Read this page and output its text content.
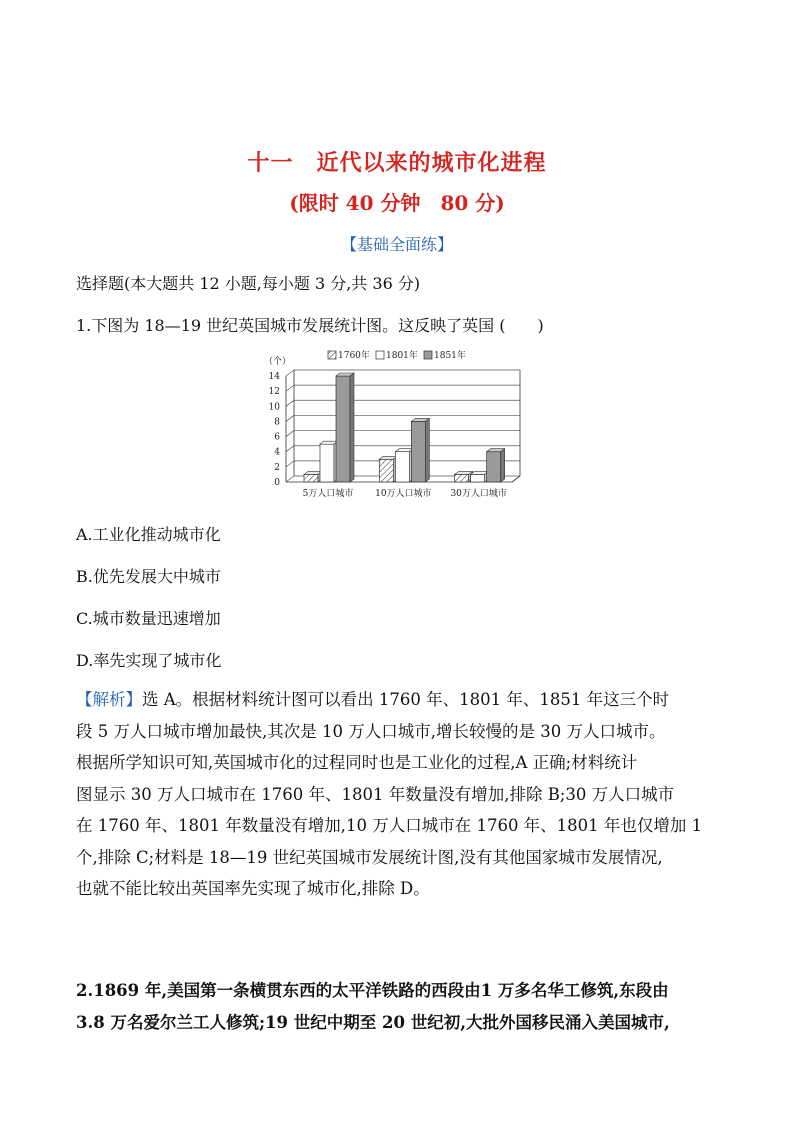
十一　近代以来的城市化进程
(限时 40 分钟　80 分)
【基础全面练】
选择题(本大题共 12 小题,每小题 3 分,共 36 分)
1.下图为 18—19 世纪英国城市发展统计图。这反映了英国 (　　)
0
2
4
6
8
10
12
14
（个）
1760年 1801年 1851年
5万人口城市 10万人口城市 30万人口城市
A.工业化推动城市化
B.优先发展大中城市
C.城市数量迅速增加
D.率先实现了城市化
【解析】选 A。根据材料统计图可以看出 1760 年、1801 年、1851 年这三个时
段 5 万人口城市增加最快,其次是 10 万人口城市,增长较慢的是 30 万人口城市。
根据所学知识可知,英国城市化的过程同时也是工业化的过程,A 正确;材料统计
图显示 30 万人口城市在 1760 年、1801 年数量没有增加,排除 B;30 万人口城市
在 1760 年、1801 年数量没有增加,10 万人口城市在 1760 年、1801 年也仅增加 1
个,排除 C;材料是 18—19 世纪英国城市发展统计图,没有其他国家城市发展情况,
也就不能比较出英国率先实现了城市化,排除 D。
2.1869 年,美国第一条横贯东西的太平洋铁路的西段由1 万多名华工修筑,东段由
3.8 万名爱尔兰工人修筑;19 世纪中期至 20 世纪初,大批外国移民涌入美国城市,
